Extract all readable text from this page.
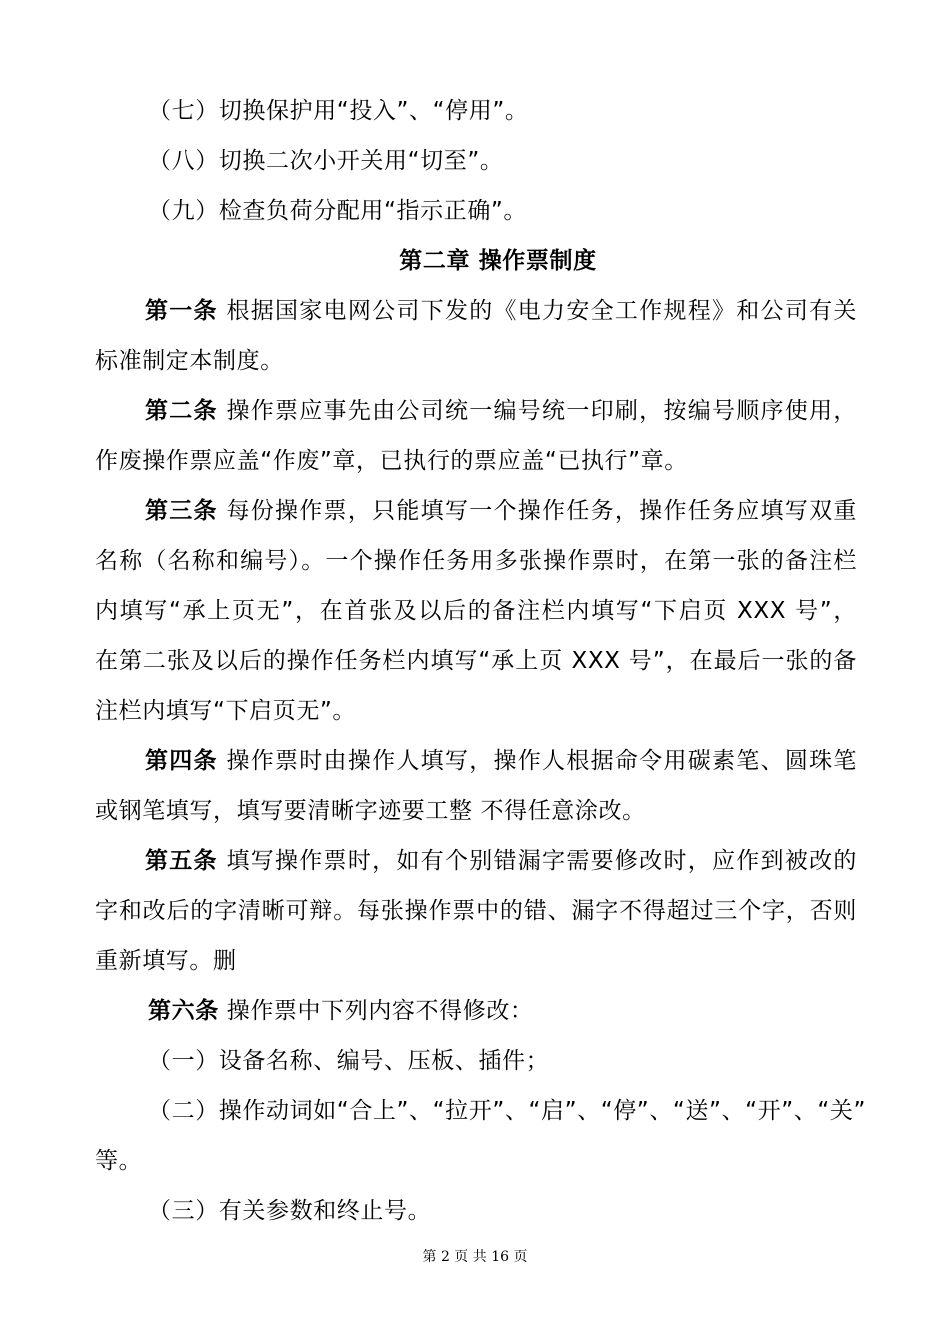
（七）切换保护用“投入”、“停用”。
（八）切换二次小开关用“切至”。
（九）检查负荷分配用“指示正确”。
第二章 操作票制度
第一条 根据国家电网公司下发的《电力安全工作规程》和公司有关
标准制定本制度。
第二条 操作票应事先由公司统一编号统一印刷，按编号顺序使用，
作废操作票应盖“作废”章，已执行的票应盖“已执行”章。
第三条 每份操作票，只能填写一个操作任务，操作任务应填写双重
名称（名称和编号）。一个操作任务用多张操作票时，在第一张的备注栏
内填写“承上页无”，在首张及以后的备注栏内填写“下启页 XXX 号”，
在第二张及以后的操作任务栏内填写“承上页 XXX 号”，在最后一张的备
注栏内填写“下启页无”。
第四条 操作票时由操作人填写，操作人根据命令用碳素笔、圆珠笔
或钢笔填写，填写要清晰字迹要工整 不得任意涂改。
第五条 填写操作票时，如有个别错漏字需要修改时，应作到被改的
字和改后的字清晰可辩。每张操作票中的错、漏字不得超过三个字，否则
重新填写。删
第六条 操作票中下列内容不得修改：
（一）设备名称、编号、压板、插件；
（二）操作动词如“合上”、“拉开”、“启”、“停”、“送”、“开”、“关”
等。
（三）有关参数和终止号。
第 2 页 共 16 页
